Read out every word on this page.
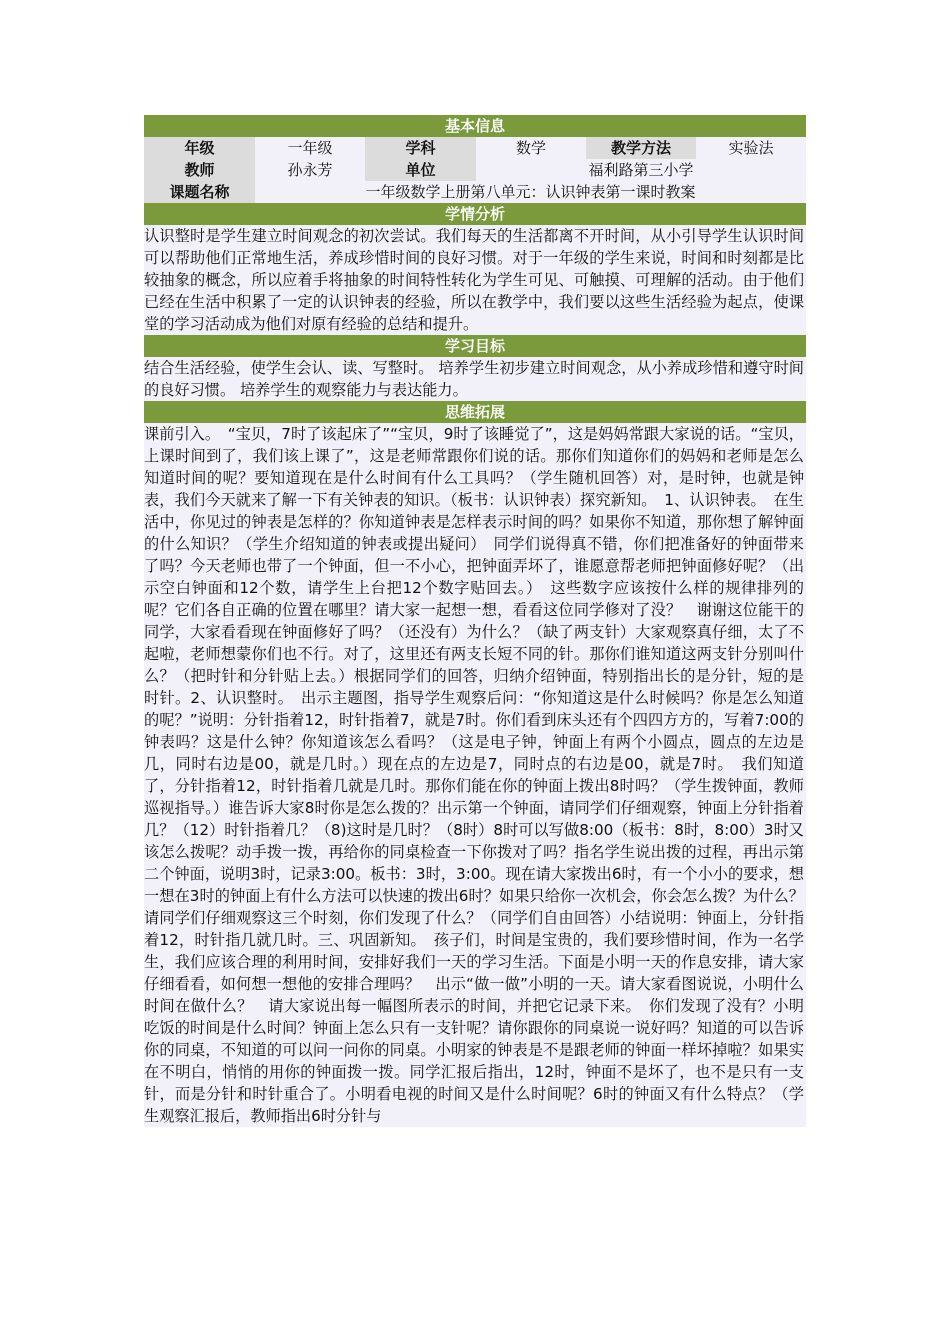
基本信息
年级	一年级	学科	数学	教学方法	实验法
教师	孙永芳	单位	福利路第三小学		
课题名称	一年级数学上册第八单元：认识钟表第一课时教案				
学情分析
认识整时是学生建立时间观念的初次尝试。我们每天的生活都离不开时间，从小引导学生认识时间可以帮助他们正常地生活，养成珍惜时间的良好习惯。对于一年级的学生来说，时间和时刻都是比较抽象的概念，所以应着手将抽象的时间特性转化为学生可见、可触摸、可理解的活动。由于他们已经在生活中积累了一定的认识钟表的经验，所以在教学中，我们要以这些生活经验为起点，使课堂的学习活动成为他们对原有经验的总结和提升。
学习目标
结合生活经验，使学生会认、读、写整时。 培养学生初步建立时间观念，从小养成珍惜和遵守时间的良好习惯。 培养学生的观察能力与表达能力。
思维拓展
课前引入。　“宝贝，7时了该起床了”“宝贝，9时了该睡觉了”，这是妈妈常跟大家说的话。“宝贝，上课时间到了，我们该上课了”，这是老师常跟你们说的话。那你们知道你们的妈妈和老师是怎么知道时间的呢？要知道现在是什么时间有什么工具吗？（学生随机回答）对，是时钟，也就是钟表，我们今天就来了解一下有关钟表的知识。（板书：认识钟表）探究新知。　1、认识钟表。　在生活中，你见过的钟表是怎样的？你知道钟表是怎样表示时间的吗？如果你不知道，那你想了解钟面的什么知识？（学生介绍知道的钟表或提出疑问）　同学们说得真不错，你们把准备好的钟面带来了吗？今天老师也带了一个钟面，但一不小心，把钟面弄坏了，谁愿意帮老师把钟面修好呢？（出示空白钟面和12个数，请学生上台把12个数字贴回去。）　这些数字应该按什么样的规律排列的呢？它们各自正确的位置在哪里？请大家一起想一想，看看这位同学修对了没？　谢谢这位能干的同学，大家看看现在钟面修好了吗？（还没有）为什么？（缺了两支针）大家观察真仔细，太了不起啦，老师想蒙你们也不行。对了，这里还有两支长短不同的针。那你们谁知道这两支针分别叫什么？（把时针和分针贴上去。）根据同学们的回答，归纳介绍钟面，特别指出长的是分针，短的是时针。2、认识整时。　出示主题图，指导学生观察后问：“你知道这是什么时候吗？你是怎么知道的呢？”说明：分针指着12，时针指着7，就是7时。你们看到床头还有个四四方方的，写着7:00的钟表吗？这是什么钟？你知道该怎么看吗？（这是电子钟，钟面上有两个小圆点，圆点的左边是几，同时右边是00，就是几时。）现在点的左边是7，同时点的右边是00，就是7时。　我们知道了，分针指着12，时针指着几就是几时。那你们能在你的钟面上拨出8时吗？（学生拨钟面，教师巡视指导。）谁告诉大家8时你是怎么拨的？出示第一个钟面，请同学们仔细观察，钟面上分针指着几？（12）时针指着几？（8)这时是几时？（8时）8时可以写做8:00（板书：8时，8:00）3时又该怎么拨呢？动手拨一拨，再给你的同桌检查一下你拨对了吗？指名学生说出拨的过程，再出示第二个钟面，说明3时，记录3:00。板书：3时，3:00。现在请大家拨出6时，有一个小小的要求，想一想在3时的钟面上有什么方法可以快速的拨出6时？如果只给你一次机会，你会怎么拨？为什么？　请同学们仔细观察这三个时刻，你们发现了什么？（同学们自由回答）小结说明：钟面上，分针指着12，时针指几就几时。三、巩固新知。　孩子们，时间是宝贵的，我们要珍惜时间，作为一名学生，我们应该合理的利用时间，安排好我们一天的学习生活。下面是小明一天的作息安排，请大家仔细看看，如何想一想他的安排合理吗？　出示“做一做”小明的一天。请大家看图说说，小明什么时间在做什么？　请大家说出每一幅图所表示的时间，并把它记录下来。　你们发现了没有？小明吃饭的时间是什么时间？钟面上怎么只有一支针呢？请你跟你的同桌说一说好吗？知道的可以告诉你的同桌，不知道的可以问一问你的同桌。小明家的钟表是不是跟老师的钟面一样坏掉啦？如果实在不明白，悄悄的用你的钟面拨一拨。同学汇报后指出，12时，钟面不是坏了，也不是只有一支针，而是分针和时针重合了。小明看电视的时间又是什么时间呢？6时的钟面又有什么特点？（学生观察汇报后，教师指出6时分针与
